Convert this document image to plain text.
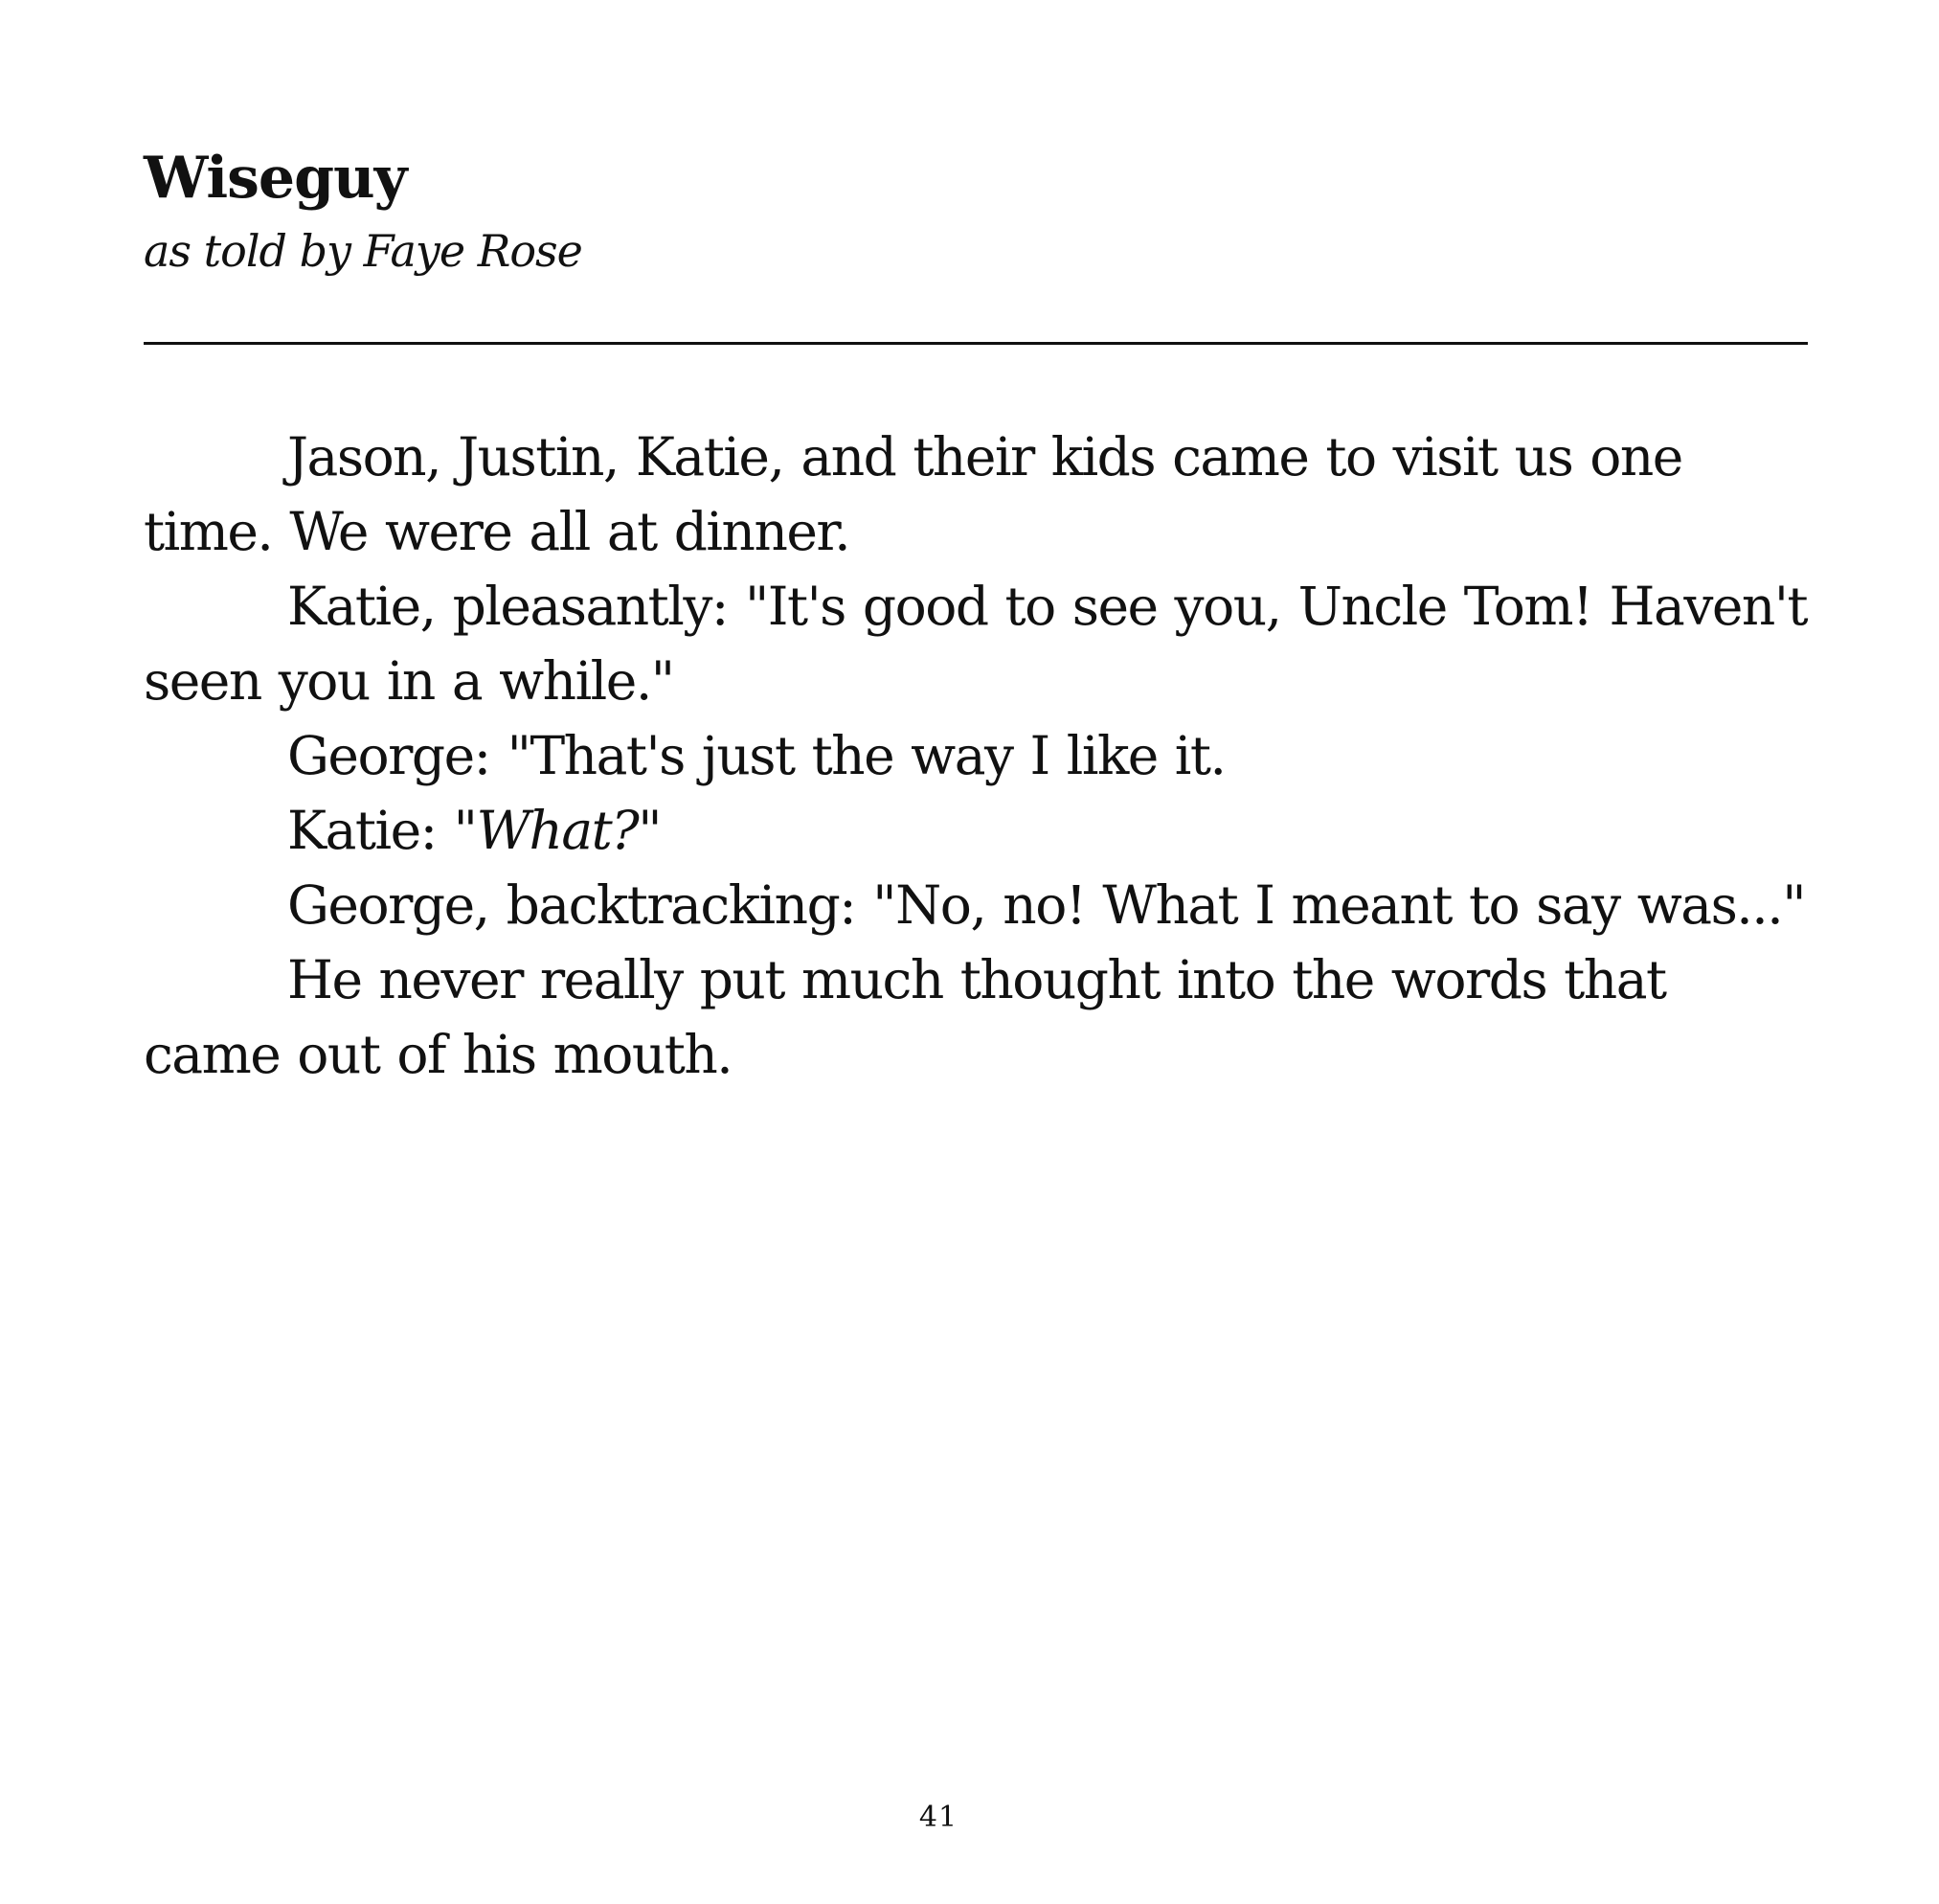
Wiseguy
as told by Faye Rose

Jason, Justin, Katie, and their kids came to visit us one time. We were all at dinner.

Katie, pleasantly: "It's good to see you, Uncle Tom! Haven't seen you in a while."

George: "That's just the way I like it.

Katie: "What?"

George, backtracking: "No, no! What I meant to say was..."

He never really put much thought into the words that came out of his mouth.

41
